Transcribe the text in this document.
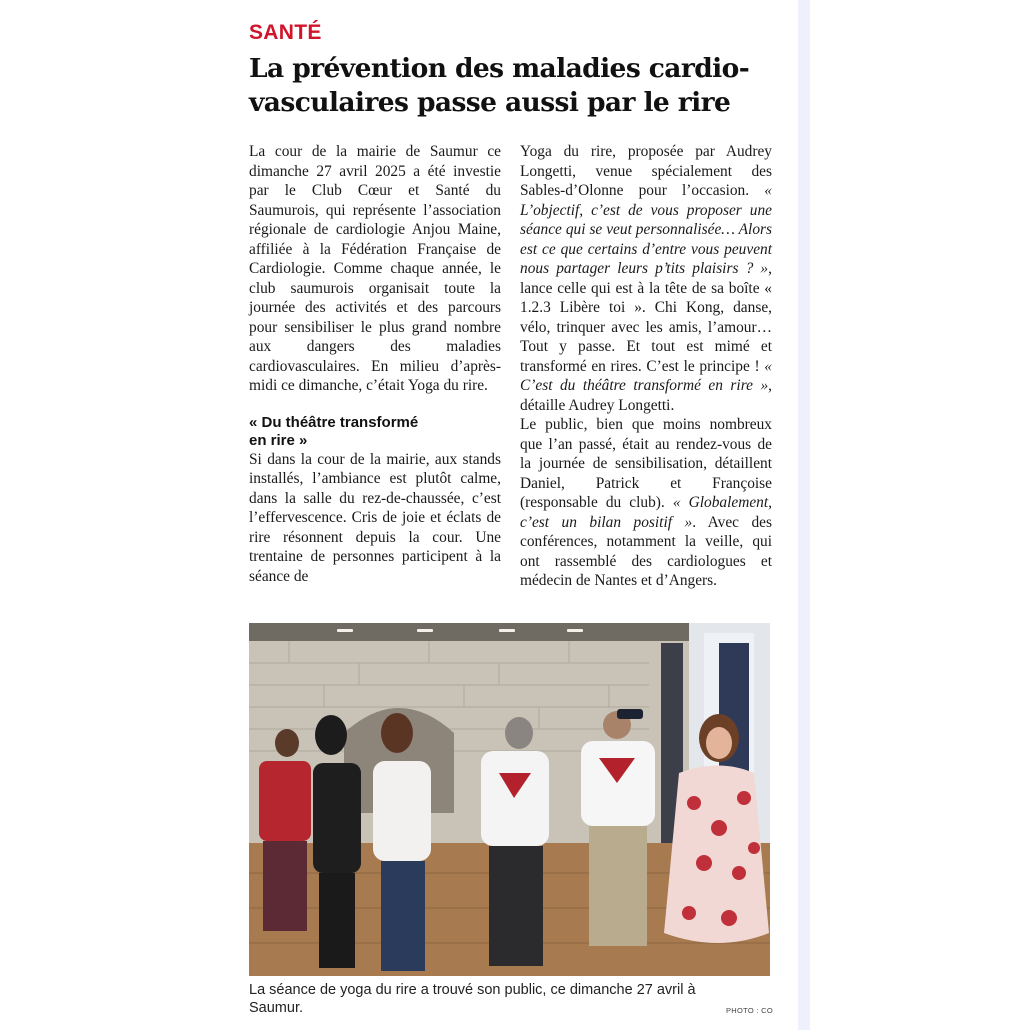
SANTÉ
La prévention des maladies cardio-
vasculaires passe aussi par le rire

La cour de la mairie de Saumur ce dimanche 27 avril 2025 a été investie par le Club Cœur et Santé du Saumurois, qui représente l’association régionale de cardiologie Anjou Maine, affiliée à la Fédération Française de Cardiologie. Comme chaque année, le club saumurois organisait toute la journée des activités et des parcours pour sensibiliser le plus grand nombre aux dangers des maladies cardiovasculaires. En milieu d’après-midi ce dimanche, c’était Yoga du rire.

« Du théâtre transformé
en rire »

Si dans la cour de la mairie, aux stands installés, l’ambiance est plutôt calme, dans la salle du rez-de-chaussée, c’est l’effervescence. Cris de joie et éclats de rire résonnent depuis la cour. Une trentaine de personnes participent à la séance de

Yoga du rire, proposée par Audrey Longetti, venue spécialement des Sables-d’Olonne pour l’occasion. « L’objectif, c’est de vous proposer une séance qui se veut personnalisée… Alors est ce que certains d’entre vous peuvent nous partager leurs p’tits plaisirs ? », lance celle qui est à la tête de sa boîte « 1.2.3 Libère toi ». Chi Kong, danse, vélo, trinquer avec les amis, l’amour… Tout y passe. Et tout est mimé et transformé en rires. C’est le principe ! « C’est du théâtre transformé en rire », détaille Audrey Longetti.

Le public, bien que moins nombreux que l’an passé, était au rendez-vous de la journée de sensibilisation, détaillent Daniel, Patrick et Françoise (responsable du club). « Globalement, c’est un bilan positif ». Avec des conférences, notamment la veille, qui ont rassemblé des cardiologues et médecin de Nantes et d’Angers.

La séance de yoga du rire a trouvé son public, ce dimanche 27 avril à Saumur.	PHOTO : CO
